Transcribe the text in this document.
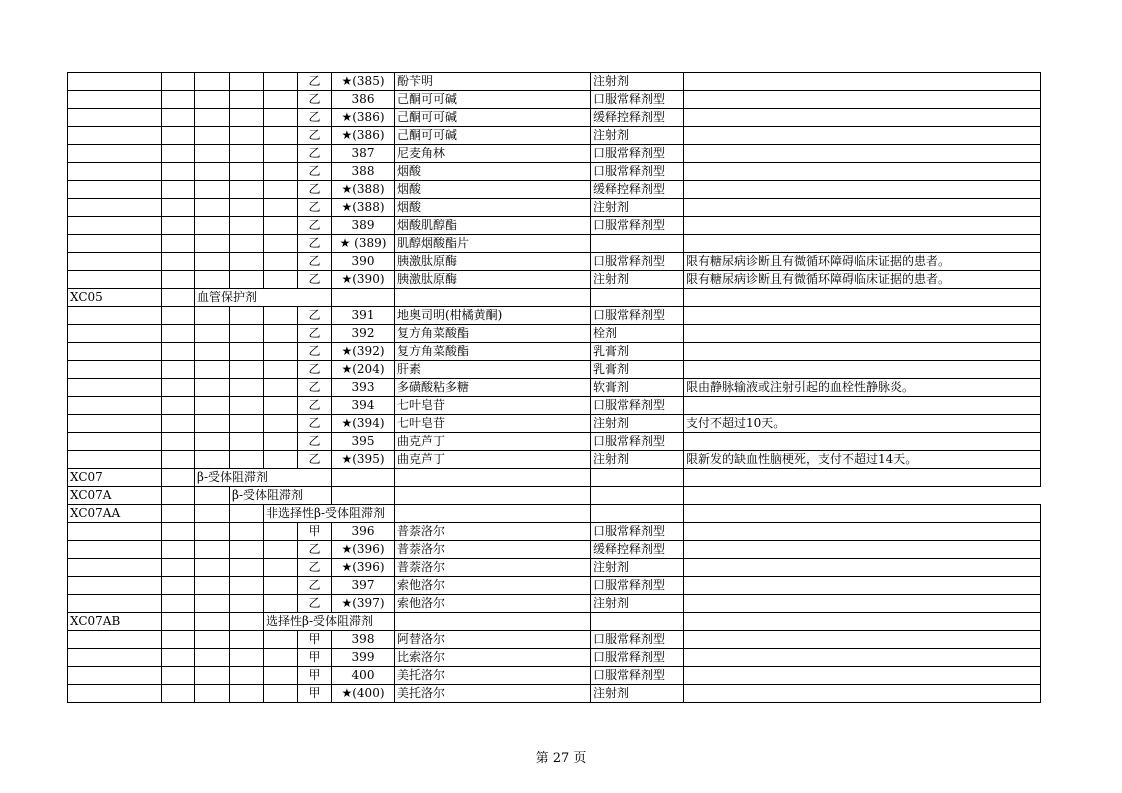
					乙	★(385)	酚苄明	注射剂	
					乙	386	己酮可可碱	口服常释剂型	
					乙	★(386)	己酮可可碱	缓释控释剂型	
					乙	★(386)	己酮可可碱	注射剂	
					乙	387	尼麦角林	口服常释剂型	
					乙	388	烟酸	口服常释剂型	
					乙	★(388)	烟酸	缓释控释剂型	
					乙	★(388)	烟酸	注射剂	
					乙	389	烟酸肌醇酯	口服常释剂型	
					乙	★ (389)	肌醇烟酸酯片		
					乙	390	胰激肽原酶	口服常释剂型	限有糖尿病诊断且有微循环障碍临床证据的患者。
					乙	★(390)	胰激肽原酶	注射剂	限有糖尿病诊断且有微循环障碍临床证据的患者。
XC05		血管保护剂							
					乙	391	地奥司明(柑橘黄酮)	口服常释剂型	
					乙	392	复方角菜酸酯	栓剂	
					乙	★(392)	复方角菜酸酯	乳膏剂	
					乙	★(204)	肝素	乳膏剂	
					乙	393	多磺酸粘多糖	软膏剂	限由静脉输液或注射引起的血栓性静脉炎。
					乙	394	七叶皂苷	口服常释剂型	
					乙	★(394)	七叶皂苷	注射剂	支付不超过10天。
					乙	395	曲克芦丁	口服常释剂型	
					乙	★(395)	曲克芦丁	注射剂	限新发的缺血性脑梗死，支付不超过14天。
XC07		β-受体阻滞剂							
XC07A			β-受体阻滞剂						
XC07AA				非选择性β-受体阻滞剂					
					甲	396	普萘洛尔	口服常释剂型	
					乙	★(396)	普萘洛尔	缓释控释剂型	
					乙	★(396)	普萘洛尔	注射剂	
					乙	397	索他洛尔	口服常释剂型	
					乙	★(397)	索他洛尔	注射剂	
XC07AB				选择性β-受体阻滞剂					
					甲	398	阿替洛尔	口服常释剂型	
					甲	399	比索洛尔	口服常释剂型	
					甲	400	美托洛尔	口服常释剂型	
					甲	★(400)	美托洛尔	注射剂	
第 27 页
